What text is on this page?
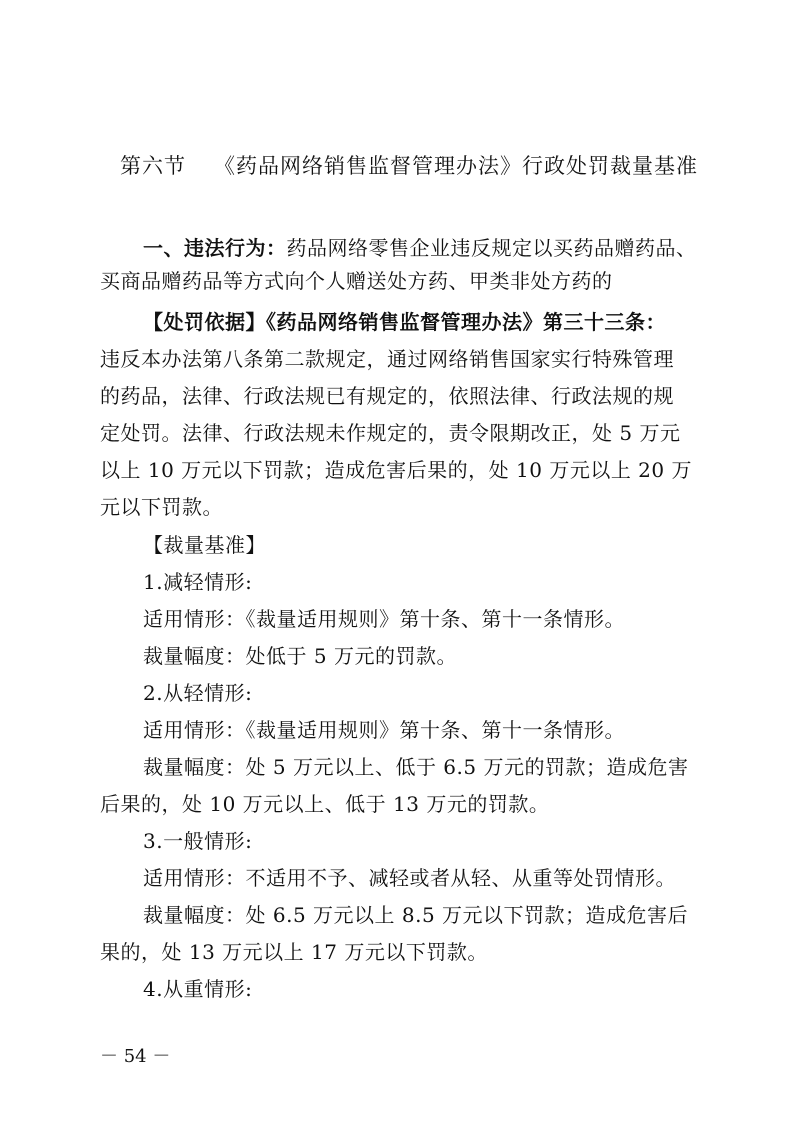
第六节 《药品网络销售监督管理办法》行政处罚裁量基准
一、违法行为：药品网络零售企业违反规定以买药品赠药品、
买商品赠药品等方式向个人赠送处方药、甲类非处方药的
【处罚依据】《药品网络销售监督管理办法》第三十三条：
违反本办法第八条第二款规定，通过网络销售国家实行特殊管理
的药品，法律、行政法规已有规定的，依照法律、行政法规的规
定处罚。法律、行政法规未作规定的，责令限期改正，处 5 万元
以上 10 万元以下罚款；造成危害后果的，处 10 万元以上 20 万
元以下罚款。
【裁量基准】
1.减轻情形:
适用情形：《裁量适用规则》第十条、第十一条情形。
裁量幅度：处低于 5 万元的罚款。
2.从轻情形:
适用情形：《裁量适用规则》第十条、第十一条情形。
裁量幅度：处 5 万元以上、低于 6.5 万元的罚款；造成危害
后果的，处 10 万元以上、低于 13 万元的罚款。
3.一般情形:
适用情形：不适用不予、减轻或者从轻、从重等处罚情形。
裁量幅度：处 6.5 万元以上 8.5 万元以下罚款；造成危害后
果的，处 13 万元以上 17 万元以下罚款。
4.从重情形:
－ 54 －
